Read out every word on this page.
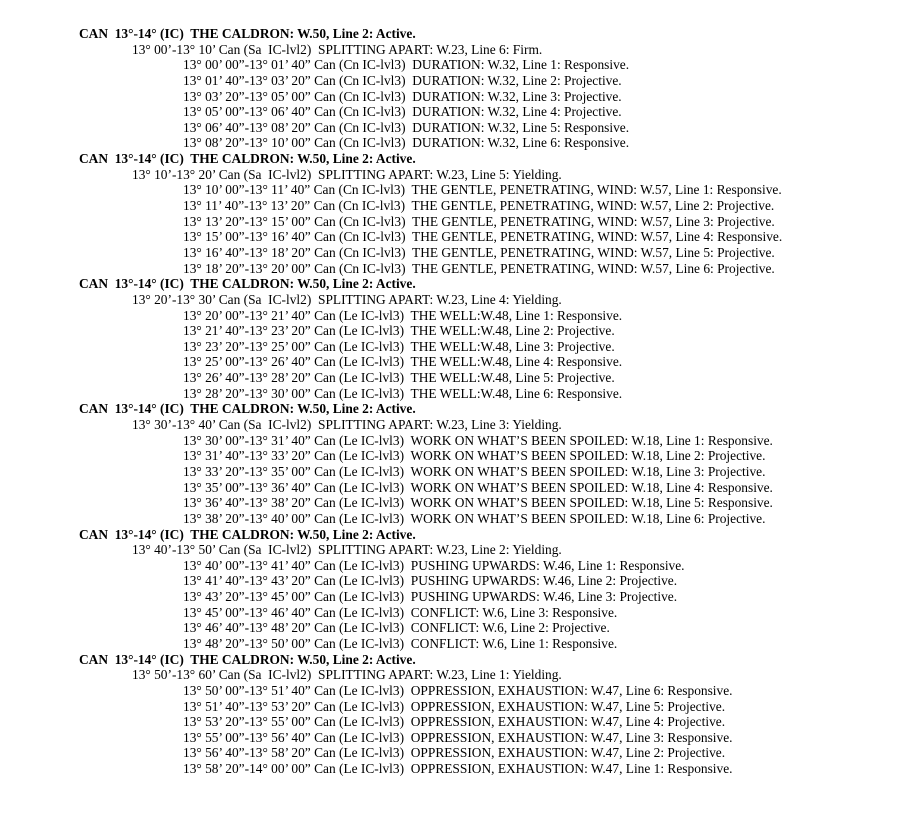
CAN  13°-14° (IC)  THE CALDRON: W.50, Line 2: Active.
13° 00’-13° 10’ Can (Sa  IC-lvl2)  SPLITTING APART: W.23, Line 6: Firm.
13° 00’ 00”-13° 01’ 40” Can (Cn IC-lvl3)  DURATION: W.32, Line 1: Responsive.
13° 01’ 40”-13° 03’ 20” Can (Cn IC-lvl3)  DURATION: W.32, Line 2: Projective.
13° 03’ 20”-13° 05’ 00” Can (Cn IC-lvl3)  DURATION: W.32, Line 3: Projective.
13° 05’ 00”-13° 06’ 40” Can (Cn IC-lvl3)  DURATION: W.32, Line 4: Projective.
13° 06’ 40”-13° 08’ 20” Can (Cn IC-lvl3)  DURATION: W.32, Line 5: Responsive.
13° 08’ 20”-13° 10’ 00” Can (Cn IC-lvl3)  DURATION: W.32, Line 6: Responsive.
CAN  13°-14° (IC)  THE CALDRON: W.50, Line 2: Active.
13° 10’-13° 20’ Can (Sa  IC-lvl2)  SPLITTING APART: W.23, Line 5: Yielding.
13° 10’ 00”-13° 11’ 40” Can (Cn IC-lvl3)  THE GENTLE, PENETRATING, WIND: W.57, Line 1: Responsive.
13° 11’ 40”-13° 13’ 20” Can (Cn IC-lvl3)  THE GENTLE, PENETRATING, WIND: W.57, Line 2: Projective.
13° 13’ 20”-13° 15’ 00” Can (Cn IC-lvl3)  THE GENTLE, PENETRATING, WIND: W.57, Line 3: Projective.
13° 15’ 00”-13° 16’ 40” Can (Cn IC-lvl3)  THE GENTLE, PENETRATING, WIND: W.57, Line 4: Responsive.
13° 16’ 40”-13° 18’ 20” Can (Cn IC-lvl3)  THE GENTLE, PENETRATING, WIND: W.57, Line 5: Projective.
13° 18’ 20”-13° 20’ 00” Can (Cn IC-lvl3)  THE GENTLE, PENETRATING, WIND: W.57, Line 6: Projective.
CAN  13°-14° (IC)  THE CALDRON: W.50, Line 2: Active.
13° 20’-13° 30’ Can (Sa  IC-lvl2)  SPLITTING APART: W.23, Line 4: Yielding.
13° 20’ 00”-13° 21’ 40” Can (Le IC-lvl3)  THE WELL:W.48, Line 1: Responsive.
13° 21’ 40”-13° 23’ 20” Can (Le IC-lvl3)  THE WELL:W.48, Line 2: Projective.
13° 23’ 20”-13° 25’ 00” Can (Le IC-lvl3)  THE WELL:W.48, Line 3: Projective.
13° 25’ 00”-13° 26’ 40” Can (Le IC-lvl3)  THE WELL:W.48, Line 4: Responsive.
13° 26’ 40”-13° 28’ 20” Can (Le IC-lvl3)  THE WELL:W.48, Line 5: Projective.
13° 28’ 20”-13° 30’ 00” Can (Le IC-lvl3)  THE WELL:W.48, Line 6: Responsive.
CAN  13°-14° (IC)  THE CALDRON: W.50, Line 2: Active.
13° 30’-13° 40’ Can (Sa  IC-lvl2)  SPLITTING APART: W.23, Line 3: Yielding.
13° 30’ 00”-13° 31’ 40” Can (Le IC-lvl3)  WORK ON WHAT’S BEEN SPOILED: W.18, Line 1: Responsive.
13° 31’ 40”-13° 33’ 20” Can (Le IC-lvl3)  WORK ON WHAT’S BEEN SPOILED: W.18, Line 2: Projective.
13° 33’ 20”-13° 35’ 00” Can (Le IC-lvl3)  WORK ON WHAT’S BEEN SPOILED: W.18, Line 3: Projective.
13° 35’ 00”-13° 36’ 40” Can (Le IC-lvl3)  WORK ON WHAT’S BEEN SPOILED: W.18, Line 4: Responsive.
13° 36’ 40”-13° 38’ 20” Can (Le IC-lvl3)  WORK ON WHAT’S BEEN SPOILED: W.18, Line 5: Responsive.
13° 38’ 20”-13° 40’ 00” Can (Le IC-lvl3)  WORK ON WHAT’S BEEN SPOILED: W.18, Line 6: Projective.
CAN  13°-14° (IC)  THE CALDRON: W.50, Line 2: Active.
13° 40’-13° 50’ Can (Sa  IC-lvl2)  SPLITTING APART: W.23, Line 2: Yielding.
13° 40’ 00”-13° 41’ 40” Can (Le IC-lvl3)  PUSHING UPWARDS: W.46, Line 1: Responsive.
13° 41’ 40”-13° 43’ 20” Can (Le IC-lvl3)  PUSHING UPWARDS: W.46, Line 2: Projective.
13° 43’ 20”-13° 45’ 00” Can (Le IC-lvl3)  PUSHING UPWARDS: W.46, Line 3: Projective.
13° 45’ 00”-13° 46’ 40” Can (Le IC-lvl3)  CONFLICT: W.6, Line 3: Responsive.
13° 46’ 40”-13° 48’ 20” Can (Le IC-lvl3)  CONFLICT: W.6, Line 2: Projective.
13° 48’ 20”-13° 50’ 00” Can (Le IC-lvl3)  CONFLICT: W.6, Line 1: Responsive.
CAN  13°-14° (IC)  THE CALDRON: W.50, Line 2: Active.
13° 50’-13° 60’ Can (Sa  IC-lvl2)  SPLITTING APART: W.23, Line 1: Yielding.
13° 50’ 00”-13° 51’ 40” Can (Le IC-lvl3)  OPPRESSION, EXHAUSTION: W.47, Line 6: Responsive.
13° 51’ 40”-13° 53’ 20” Can (Le IC-lvl3)  OPPRESSION, EXHAUSTION: W.47, Line 5: Projective.
13° 53’ 20”-13° 55’ 00” Can (Le IC-lvl3)  OPPRESSION, EXHAUSTION: W.47, Line 4: Projective.
13° 55’ 00”-13° 56’ 40” Can (Le IC-lvl3)  OPPRESSION, EXHAUSTION: W.47, Line 3: Responsive.
13° 56’ 40”-13° 58’ 20” Can (Le IC-lvl3)  OPPRESSION, EXHAUSTION: W.47, Line 2: Projective.
13° 58’ 20”-14° 00’ 00” Can (Le IC-lvl3)  OPPRESSION, EXHAUSTION: W.47, Line 1: Responsive.
